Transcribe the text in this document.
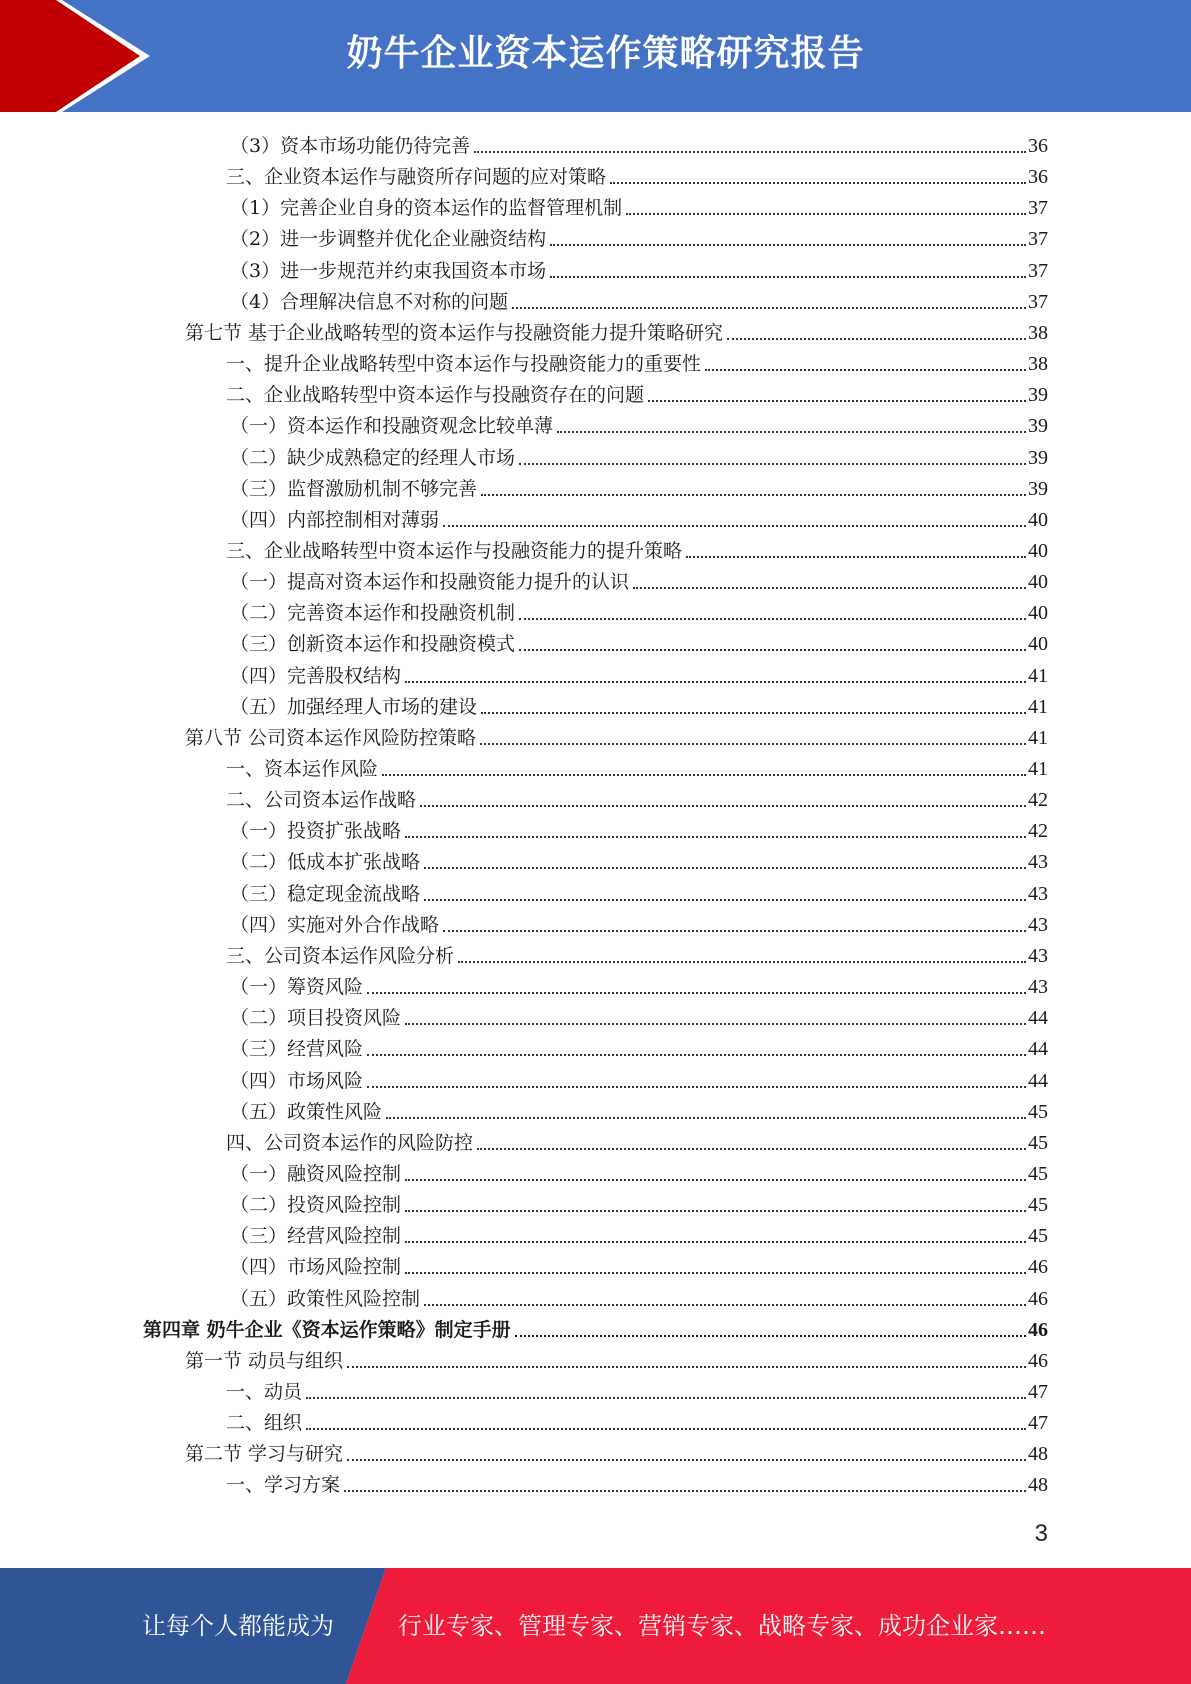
奶牛企业资本运作策略研究报告
（3）资本市场功能仍待完善	36
三、企业资本运作与融资所存问题的应对策略	36
（1）完善企业自身的资本运作的监督管理机制	37
（2）进一步调整并优化企业融资结构	37
（3）进一步规范并约束我国资本市场	37
（4）合理解决信息不对称的问题	37
第七节 基于企业战略转型的资本运作与投融资能力提升策略研究	38
一、提升企业战略转型中资本运作与投融资能力的重要性	38
二、企业战略转型中资本运作与投融资存在的问题	39
（一）资本运作和投融资观念比较单薄	39
（二）缺少成熟稳定的经理人市场	39
（三）监督激励机制不够完善	39
（四）内部控制相对薄弱	40
三、企业战略转型中资本运作与投融资能力的提升策略	40
（一）提高对资本运作和投融资能力提升的认识	40
（二）完善资本运作和投融资机制	40
（三）创新资本运作和投融资模式	40
（四）完善股权结构	41
（五）加强经理人市场的建设	41
第八节 公司资本运作风险防控策略	41
一、资本运作风险	41
二、公司资本运作战略	42
（一）投资扩张战略	42
（二）低成本扩张战略	43
（三）稳定现金流战略	43
（四）实施对外合作战略	43
三、公司资本运作风险分析	43
（一）筹资风险	43
（二）项目投资风险	44
（三）经营风险	44
（四）市场风险	44
（五）政策性风险	45
四、公司资本运作的风险防控	45
（一）融资风险控制	45
（二）投资风险控制	45
（三）经营风险控制	45
（四）市场风险控制	46
（五）政策性风险控制	46
第四章 奶牛企业《资本运作策略》制定手册	46
第一节 动员与组织	46
一、动员	47
二、组织	47
第二节 学习与研究	48
一、学习方案	48
3
让每个人都能成为	行业专家、管理专家、营销专家、战略专家、成功企业家……
